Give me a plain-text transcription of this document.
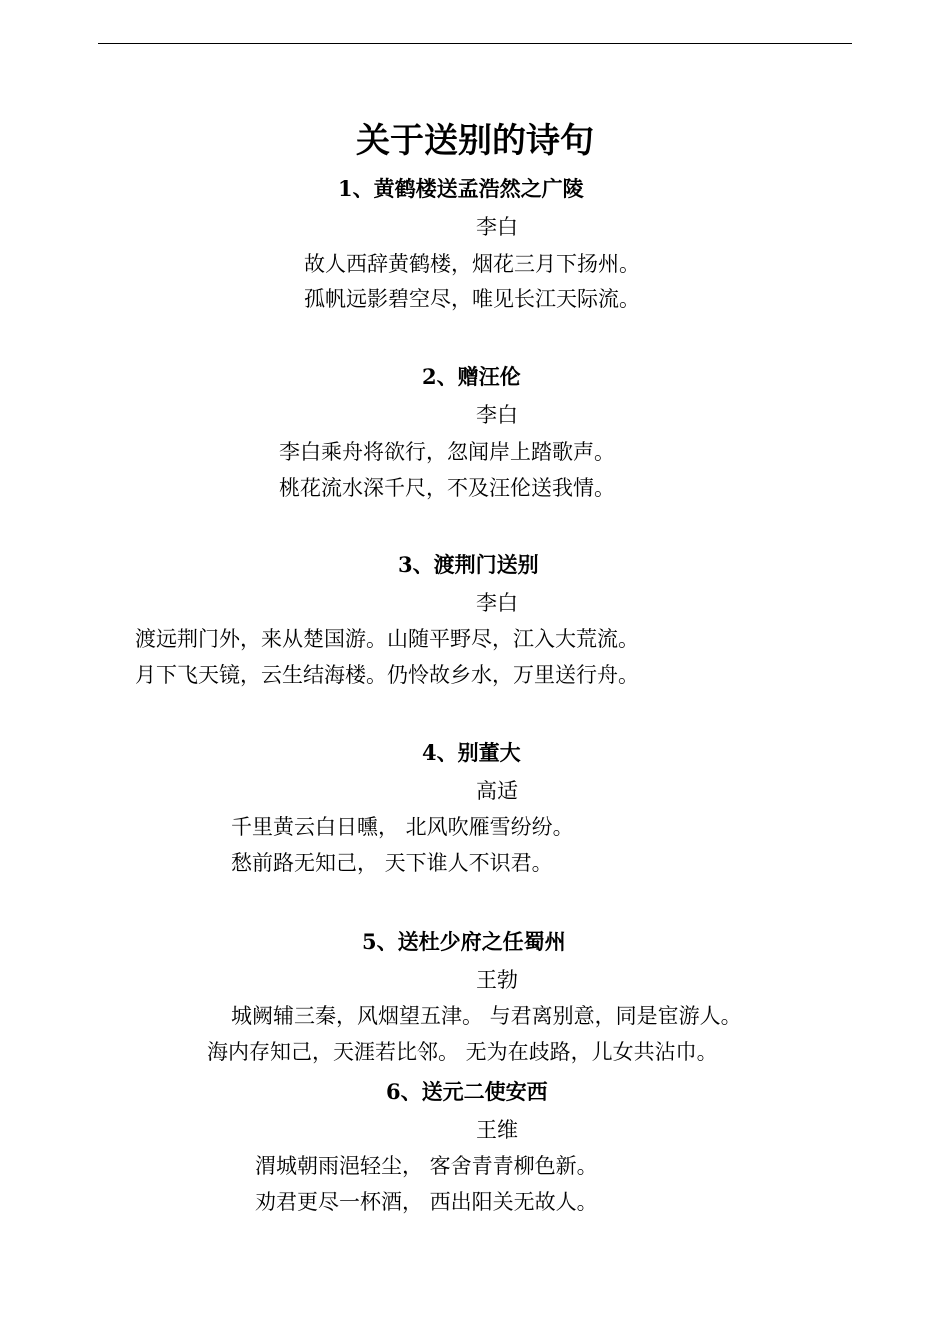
关于送别的诗句
1、黄鹤楼送孟浩然之广陵
李白
故人西辞黄鹤楼，烟花三月下扬州。
孤帆远影碧空尽，唯见长江天际流。
2、赠汪伦
李白
李白乘舟将欲行，忽闻岸上踏歌声。
桃花流水深千尺，不及汪伦送我情。
3、渡荆门送别
李白
渡远荆门外，来从楚国游。山随平野尽，江入大荒流。
月下飞天镜，云生结海楼。仍怜故乡水，万里送行舟。
4、别董大
高适
千里黄云白日曛， 北风吹雁雪纷纷。
愁前路无知己， 天下谁人不识君。
5、送杜少府之任蜀州
王勃
城阙辅三秦，风烟望五津。 与君离别意，同是宦游人。
海内存知己，天涯若比邻。 无为在歧路，儿女共沾巾。
6、送元二使安西
王维
渭城朝雨浥轻尘， 客舍青青柳色新。
劝君更尽一杯酒， 西出阳关无故人。
